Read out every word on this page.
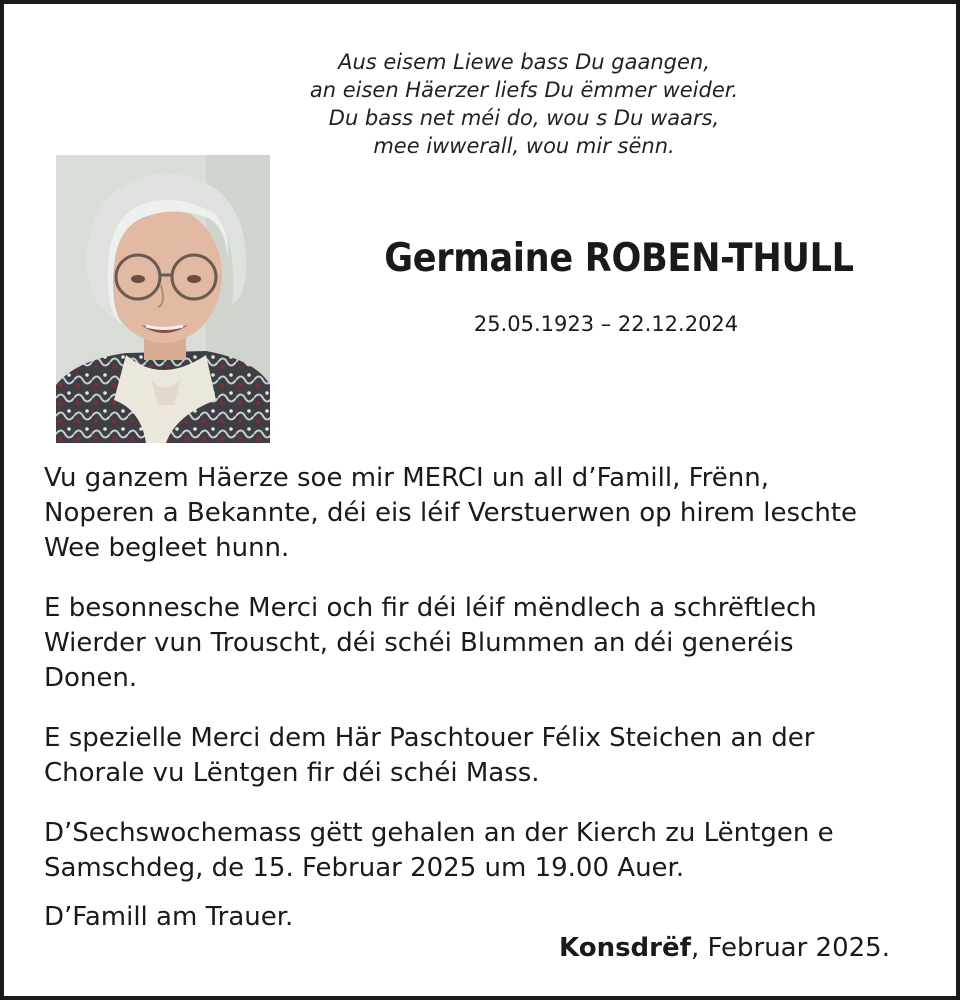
Aus eisem Liewe bass Du gaangen,
an eisen Häerzer liefs Du ëmmer weider.
Du bass net méi do, wou s Du waars,
mee iwwerall, wou mir sënn.
Germaine ROBEN-THULL
25.05.1923 – 22.12.2024
Vu ganzem Häerze soe mir MERCI un all d’Famill, Frënn,
Noperen a Bekannte, déi eis léif Verstuerwen op hirem leschte
Wee begleet hunn.
E besonnesche Merci och fir déi léif mëndlech a schrëftlech
Wierder vun Trouscht, déi schéi Blummen an déi generéis
Donen.
E spezielle Merci dem Här Paschtouer Félix Steichen an der
Chorale vu Lëntgen fir déi schéi Mass.
D’Sechswochemass gëtt gehalen an der Kierch zu Lëntgen e
Samschdeg, de 15. Februar 2025 um 19.00 Auer.
D’Famill am Trauer.
Konsdrëf, Februar 2025.
